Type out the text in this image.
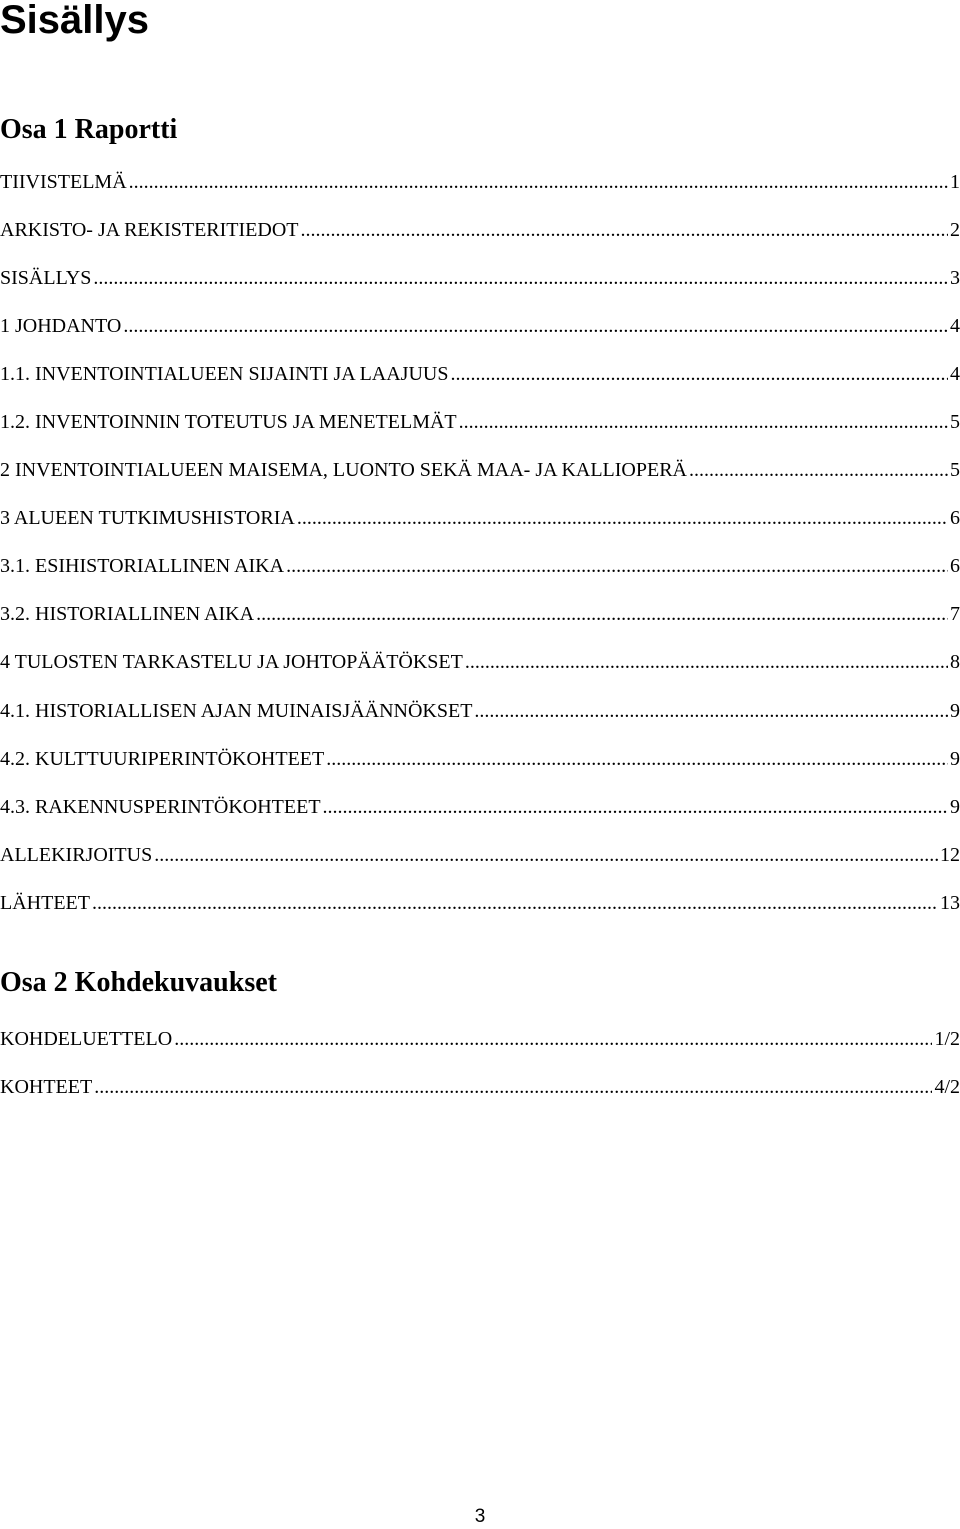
Sisällys
Osa 1 Raportti
TIIVISTELMÄ .....	1
ARKISTO- JA REKISTERITIEDOT .....	2
SISÄLLYS .....	3
1 JOHDANTO .....	4
1.1. INVENTOINTIALUEEN SIJAINTI JA LAAJUUS .....	4
1.2. INVENTOINNIN TOTEUTUS JA MENETELMÄT .....	5
2 INVENTOINTIALUEEN MAISEMA, LUONTO SEKÄ MAA- JA KALLIOPERÄ .....	5
3 ALUEEN TUTKIMUSHISTORIA .....	6
3.1. ESIHISTORIALLINEN AIKA .....	6
3.2. HISTORIALLINEN AIKA .....	7
4 TULOSTEN TARKASTELU JA JOHTOPÄÄTÖKSET .....	8
4.1. HISTORIALLISEN AJAN MUINAISJÄÄNNÖKSET .....	9
4.2. KULTTUURIPERINTÖKOHTEET .....	9
4.3. RAKENNUSPERINTÖKOHTEET .....	9
ALLEKIRJOITUS .....	12
LÄHTEET .....	13
Osa 2 Kohdekuvaukset
KOHDELUETTELO .....	1/2
KOHTEET .....	4/2
3
